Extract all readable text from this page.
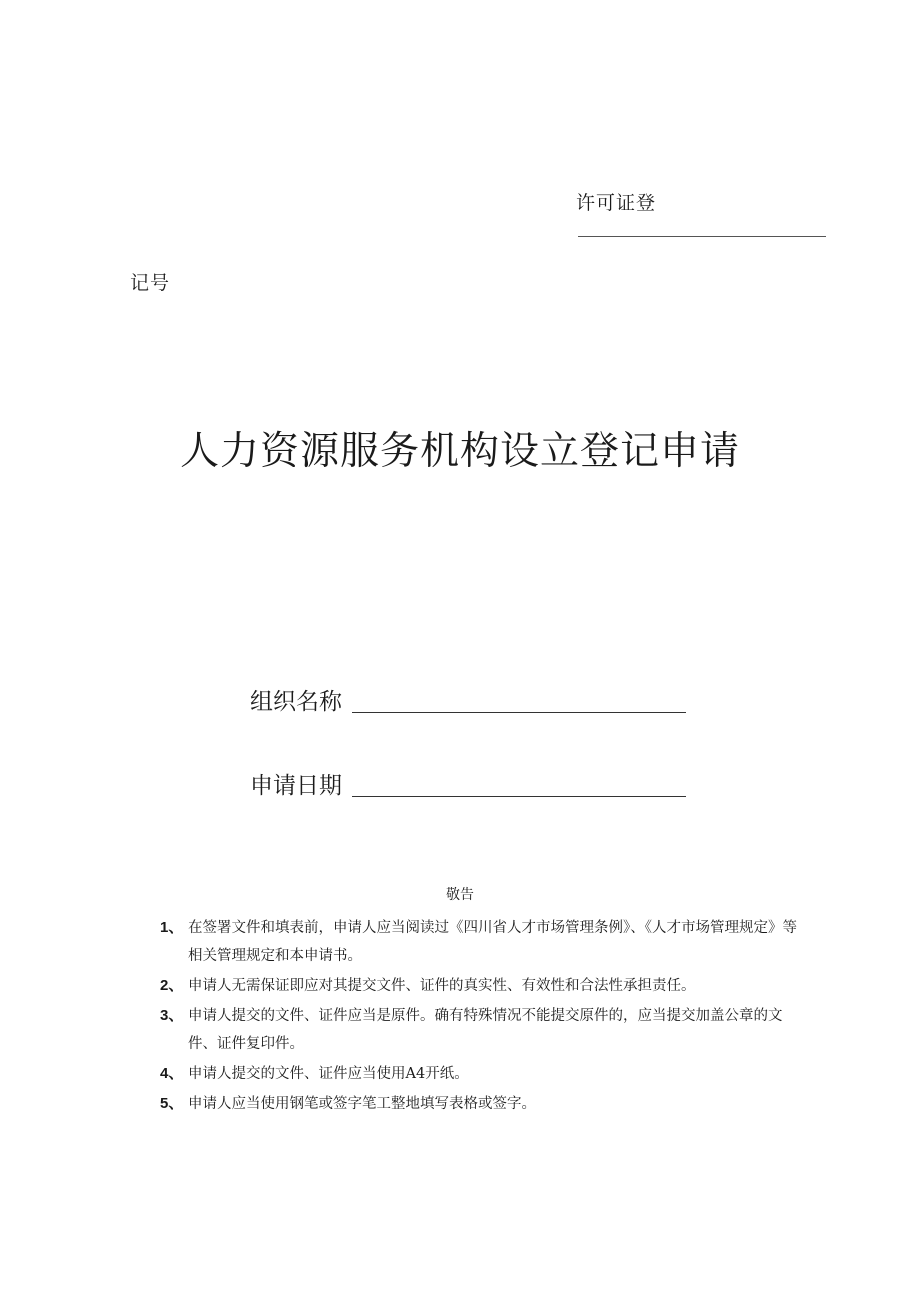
许可证登
记号
人力资源服务机构设立登记申请
组织名称
申请日期
敬告
1、 在签署文件和填表前，申请人应当阅读过《四川省人才市场管理条例》、《人才市场管理规定》等相关管理规定和本申请书。
2、 申请人无需保证即应对其提交文件、证件的真实性、有效性和合法性承担责任。
3、 申请人提交的文件、证件应当是原件。确有特殊情况不能提交原件的，应当提交加盖公章的文件、证件复印件。
4、 申请人提交的文件、证件应当使用A4开纸。
5、 申请人应当使用钢笔或签字笔工整地填写表格或签字。
